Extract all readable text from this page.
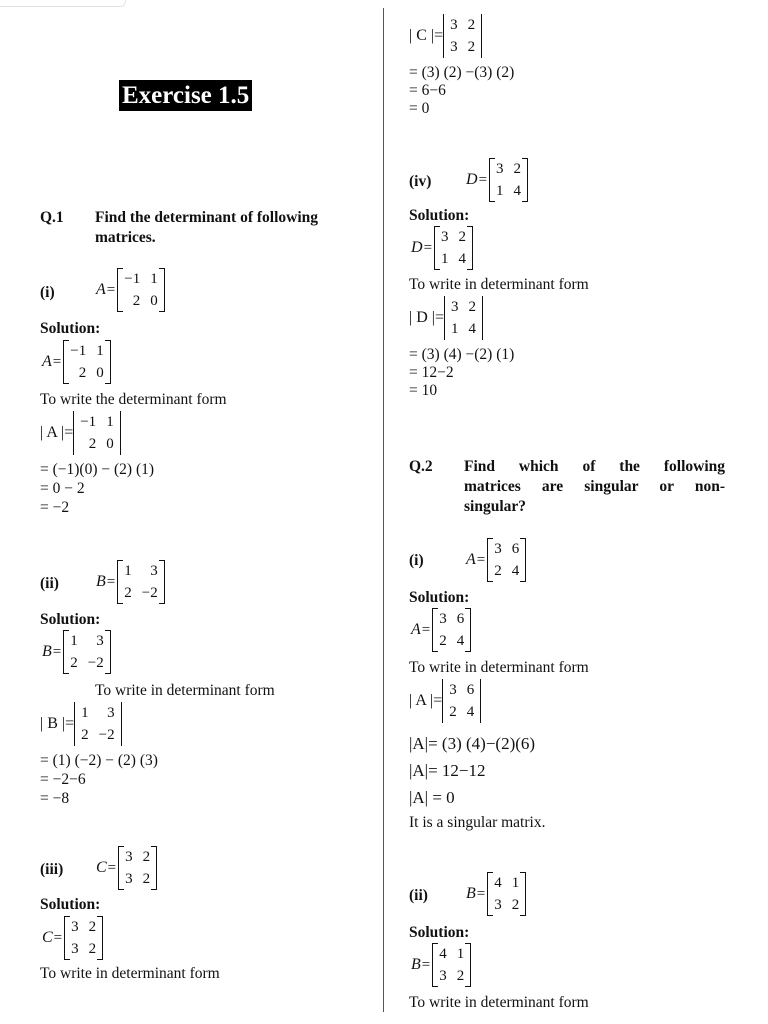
Exercise 1.5
Q.1 Find the determinant of following
matrices.
(i)	A =
−1 1
2 0
Solution:
A =
−1 1
2 0
To write the determinant form
| A |=
−1 1
2 0
= (−1)(0) − (2) (1)
= 0 − 2
= −2
(ii) B =
1	3
2 −2
Solution:
B =
1	3
2 −2
To write in determinant form
| B |=
1	3
2 −2
= (1) (−2) − (2) (3)
= −2−6
= −8
(iii) C =
3 2
3 2
Solution:
C =
3 2
3 2
To write in determinant form
| C |=
3 2
3 2
= (3) (2) −(3) (2)
= 6−6
= 0
(iv) D =
3 2
1 4
Solution:
D =
3 2
1 4
To write in determinant form
| D |=
3 2
1 4
= (3) (4) −(2) (1)
= 12−2
= 10
Q.2 Find which of the following
matrices are singular or non-
singular?
(i)	A =
3 6
2 4
Solution:
A =
3 6
2 4
To write in determinant form
| A |=
3 6
2 4
|A|= (3) (4)−(2)(6)
|A|= 12−12
|A| = 0
It is a singular matrix.
(ii) B =
4 1
3 2
Solution:
B =
4 1
3 2
To write in determinant form
